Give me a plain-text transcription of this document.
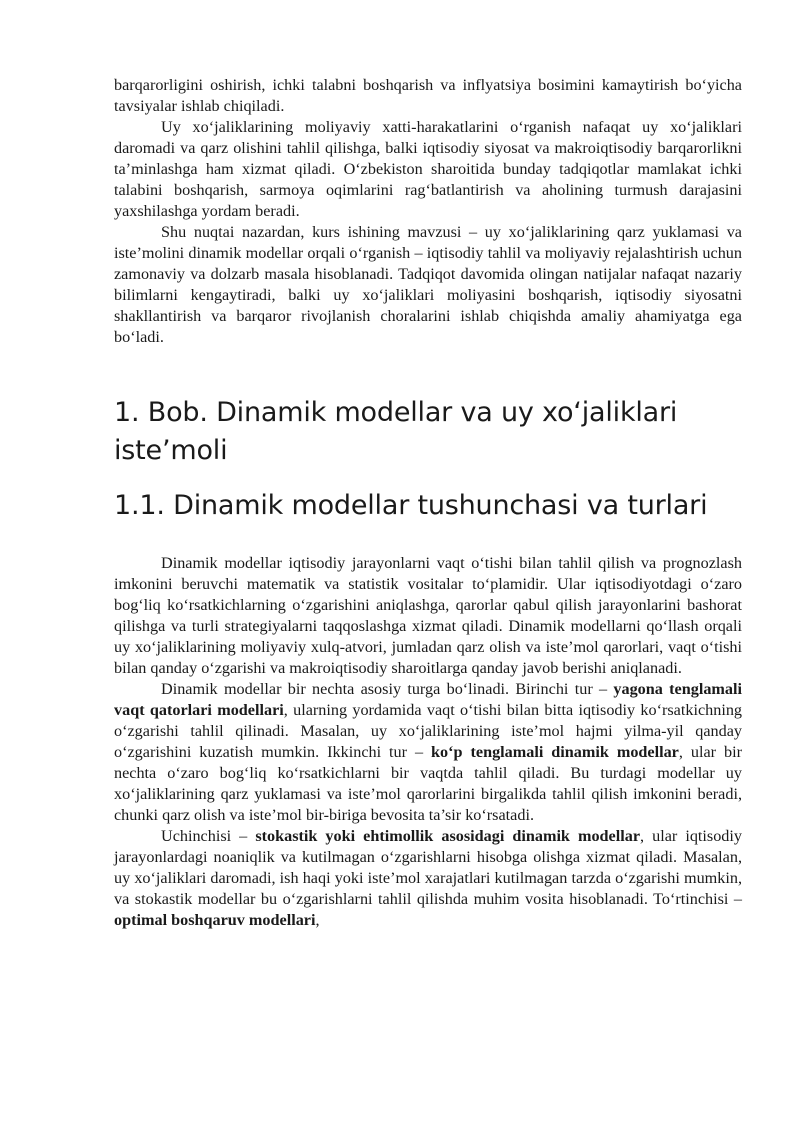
barqarorligini oshirish, ichki talabni boshqarish va inflyatsiya bosimini kamaytirish bo‘yicha tavsiyalar ishlab chiqiladi.

Uy xo‘jaliklarining moliyaviy xatti-harakatlarini o‘rganish nafaqat uy xo‘jaliklari daromadi va qarz olishini tahlil qilishga, balki iqtisodiy siyosat va makroiqtisodiy barqarorlikni ta’minlashga ham xizmat qiladi. O‘zbekiston sharoitida bunday tadqiqotlar mamlakat ichki talabini boshqarish, sarmoya oqimlarini rag‘batlantirish va aholining turmush darajasini yaxshilashga yordam beradi.

Shu nuqtai nazardan, kurs ishining mavzusi – uy xo‘jaliklarining qarz yuklamasi va iste’molini dinamik modellar orqali o‘rganish – iqtisodiy tahlil va moliyaviy rejalashtirish uchun zamonaviy va dolzarb masala hisoblanadi. Tadqiqot davomida olingan natijalar nafaqat nazariy bilimlarni kengaytiradi, balki uy xo‘jaliklari moliyasini boshqarish, iqtisodiy siyosatni shakllantirish va barqaror rivojlanish choralarini ishlab chiqishda amaliy ahamiyatga ega bo‘ladi.

1. Bob. Dinamik modellar va uy xo‘jaliklari iste’moli
1.1. Dinamik modellar tushunchasi va turlari

Dinamik modellar iqtisodiy jarayonlarni vaqt o‘tishi bilan tahlil qilish va prognozlash imkonini beruvchi matematik va statistik vositalar to‘plamidir. Ular iqtisodiyotdagi o‘zaro bog‘liq ko‘rsatkichlarning o‘zgarishini aniqlashga, qarorlar qabul qilish jarayonlarini bashorat qilishga va turli strategiyalarni taqqoslashga xizmat qiladi. Dinamik modellarni qo‘llash orqali uy xo‘jaliklarining moliyaviy xulq-atvori, jumladan qarz olish va iste’mol qarorlari, vaqt o‘tishi bilan qanday o‘zgarishi va makroiqtisodiy sharoitlarga qanday javob berishi aniqlanadi.

Dinamik modellar bir nechta asosiy turga bo‘linadi. Birinchi tur – yagona tenglamali vaqt qatorlari modellari, ularning yordamida vaqt o‘tishi bilan bitta iqtisodiy ko‘rsatkichning o‘zgarishi tahlil qilinadi. Masalan, uy xo‘jaliklarining iste’mol hajmi yilma-yil qanday o‘zgarishini kuzatish mumkin. Ikkinchi tur – ko‘p tenglamali dinamik modellar, ular bir nechta o‘zaro bog‘liq ko‘rsatkichlarni bir vaqtda tahlil qiladi. Bu turdagi modellar uy xo‘jaliklarining qarz yuklamasi va iste’mol qarorlarini birgalikda tahlil qilish imkonini beradi, chunki qarz olish va iste’mol bir-biriga bevosita ta’sir ko‘rsatadi.

Uchinchisi – stokastik yoki ehtimollik asosidagi dinamik modellar, ular iqtisodiy jarayonlardagi noaniqlik va kutilmagan o‘zgarishlarni hisobga olishga xizmat qiladi. Masalan, uy xo‘jaliklari daromadi, ish haqi yoki iste’mol xarajatlari kutilmagan tarzda o‘zgarishi mumkin, va stokastik modellar bu o‘zgarishlarni tahlil qilishda muhim vosita hisoblanadi. To‘rtinchisi – optimal boshqaruv modellari,
